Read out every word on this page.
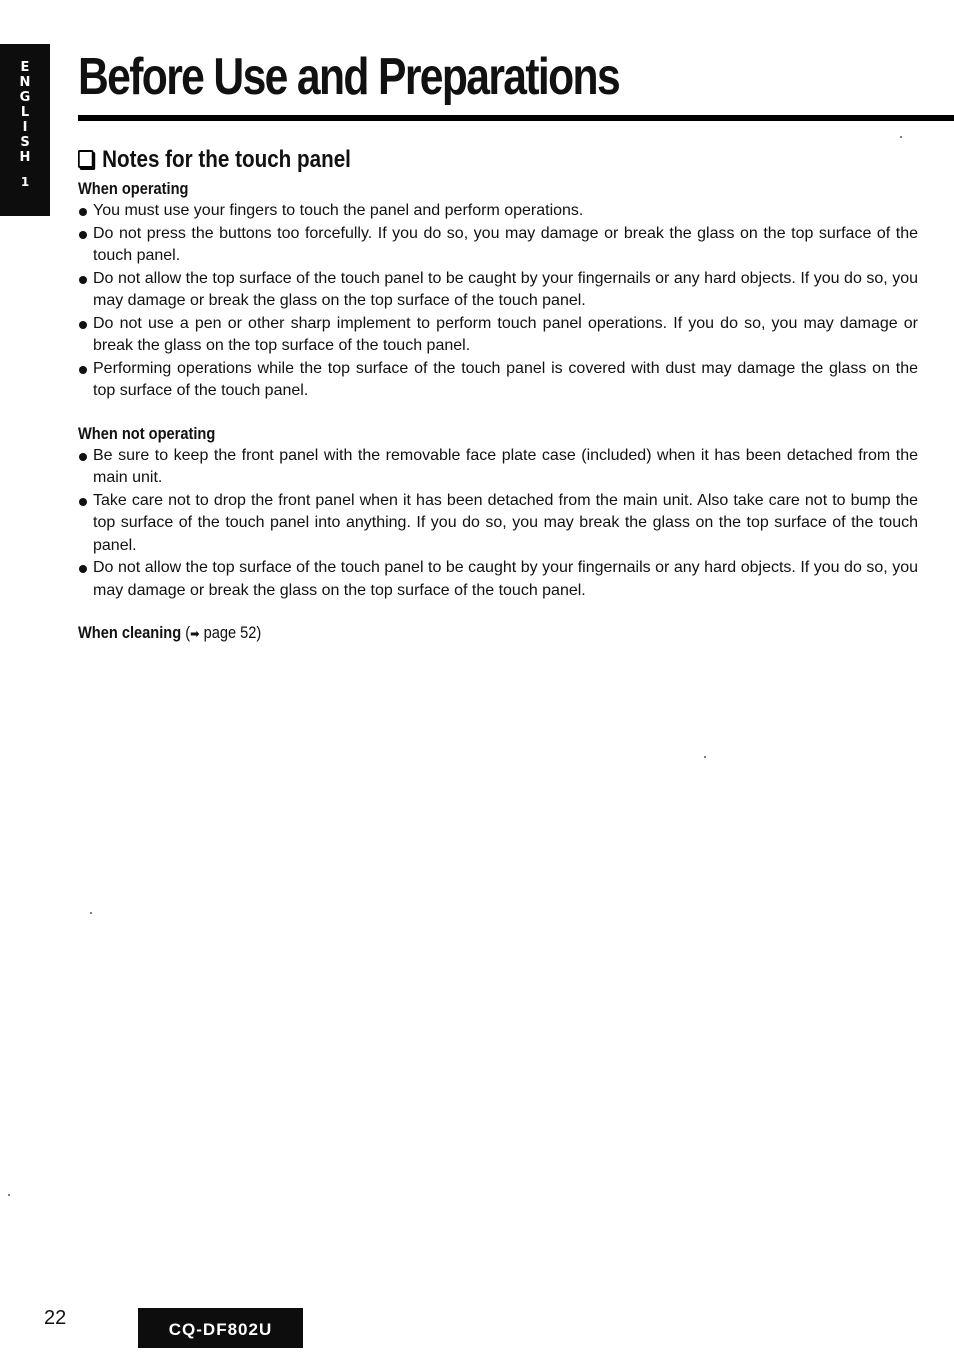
E
N
G
L
I
S
H
1
Before Use and Preparations
Notes for the touch panel
When operating
You must use your fingers to touch the panel and perform operations.
Do not press the buttons too forcefully. If you do so, you may damage or break the glass on the top surface of the touch panel.
Do not allow the top surface of the touch panel to be caught by your fingernails or any hard objects. If you do so, you may damage or break the glass on the top surface of the touch panel.
Do not use a pen or other sharp implement to perform touch panel operations. If you do so, you may damage or break the glass on the top surface of the touch panel.
Performing operations while the top surface of the touch panel is covered with dust may damage the glass on the top surface of the touch panel.
When not operating
Be sure to keep the front panel with the removable face plate case (included) when it has been detached from the main unit.
Take care not to drop the front panel when it has been detached from the main unit. Also take care not to bump the top surface of the touch panel into anything. If you do so, you may break the glass on the top surface of the touch panel.
Do not allow the top surface of the touch panel to be caught by your fingernails or any hard objects. If you do so, you may damage or break the glass on the top surface of the touch panel.

When cleaning (➡ page 52)

22
CQ-DF802U
